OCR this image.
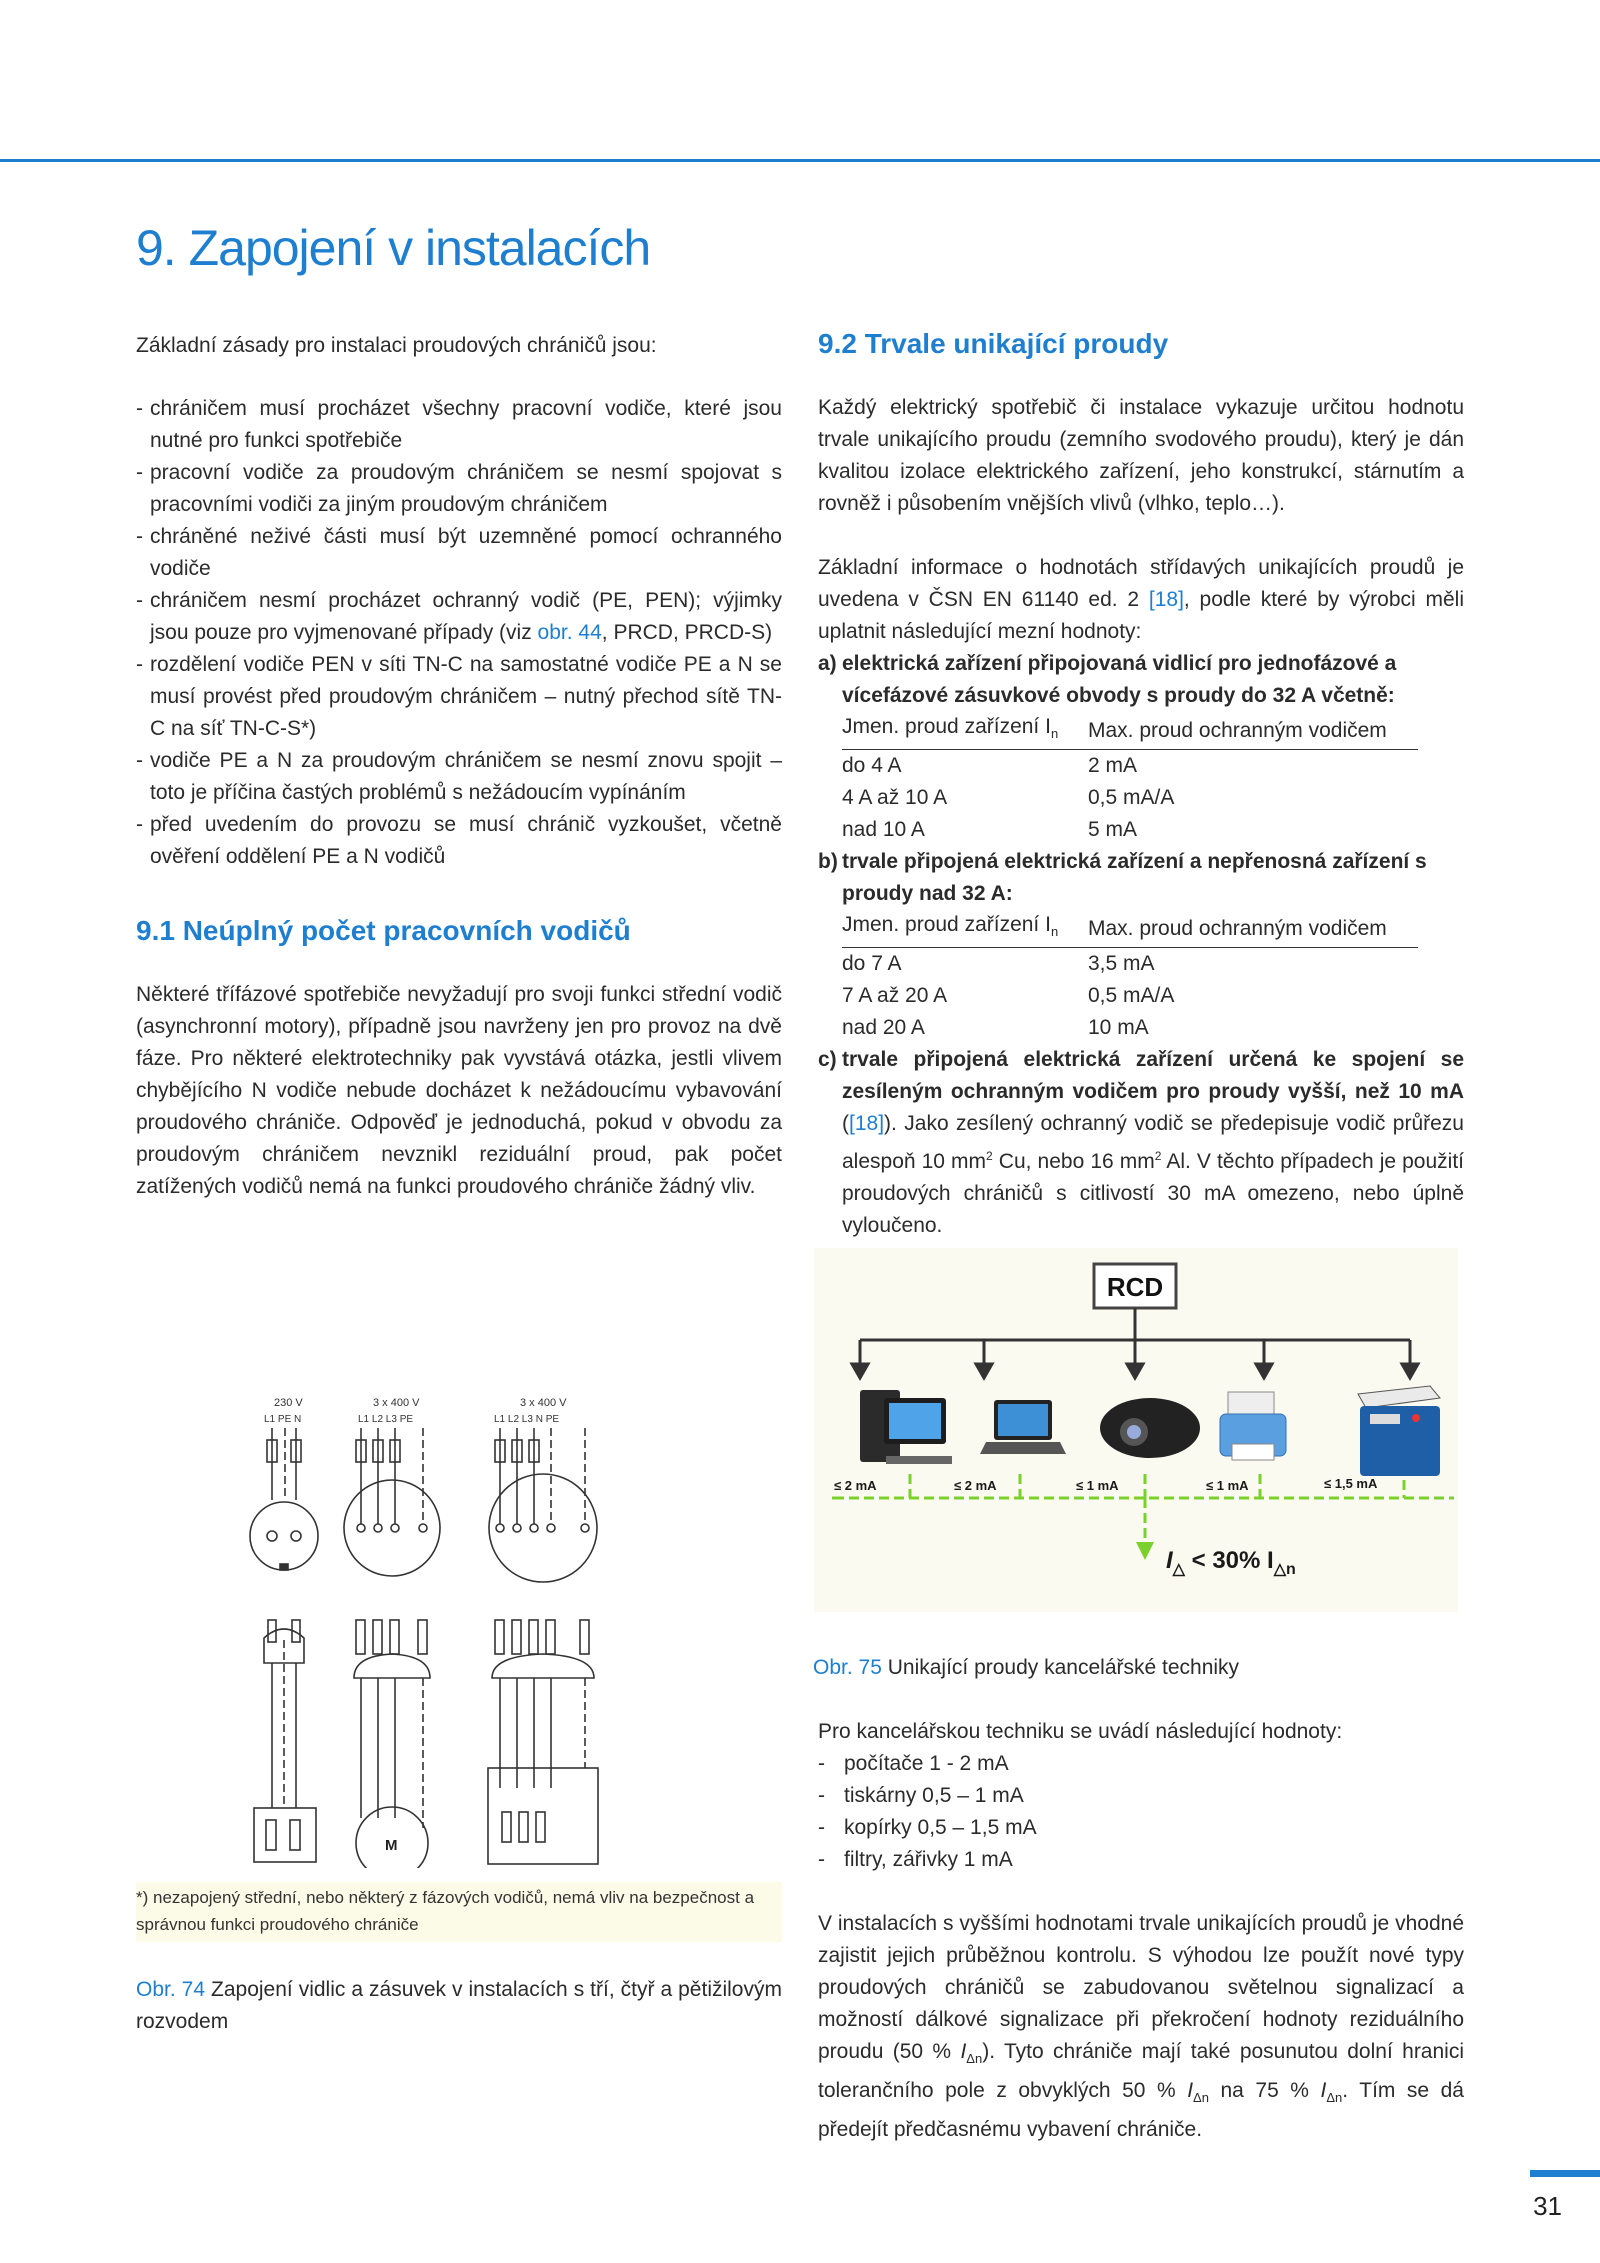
9. Zapojení v instalacích

Základní zásady pro instalaci proudových chráničů jsou:

- chráničem musí procházet všechny pracovní vodiče, které jsou nutné pro funkci spotřebiče
- pracovní vodiče za proudovým chráničem se nesmí spojovat s pracovními vodiči za jiným proudovým chráničem
- chráněné neživé části musí být uzemněné pomocí ochranného vodiče
- chráničem nesmí procházet ochranný vodič (PE, PEN); výjimky jsou pouze pro vyjmenované případy (viz obr. 44, PRCD, PRCD-S)
- rozdělení vodiče PEN v síti TN-C na samostatné vodiče PE a N se musí provést před proudovým chráničem – nutný přechod sítě TN-C na síť TN-C-S*)
- vodiče PE a N za proudovým chráničem se nesmí znovu spojit – toto je příčina častých problémů s nežádoucím vypínáním
- před uvedením do provozu se musí chránič vyzkoušet, včetně ověření oddělení PE a N vodičů
9.1 Neúplný počet pracovních vodičů

Některé třífázové spotřebiče nevyžadují pro svoji funkci střední vodič (asynchronní motory), případně jsou navrženy jen pro provoz na dvě fáze. Pro některé elektrotechniky pak vyvstává otázka, jestli vlivem chybějícího N vodiče nebude docházet k nežádoucímu vybavování proudového chrániče. Odpověď je jednoduchá, pokud v obvodu za proudovým chráničem nevznikl reziduální proud, pak počet zatížených vodičů nemá na funkci proudového chrániče žádný vliv.

230 V	3 x 400 V	3 x 400 V
L1 PE N	L1 L2 L3 PE	L1 L2 L3 N PE
M
*) nezapojený střední, nebo některý z fázových vodičů, nemá vliv na bezpečnost a správnou funkci proudového chrániče

Obr. 74 Zapojení vidlic a zásuvek v instalacích s tří, čtyř a pětižilovým rozvodem

9.2 Trvale unikající proudy

Každý elektrický spotřebič či instalace vykazuje určitou hodnotu trvale unikajícího proudu (zemního svodového proudu), který je dán kvalitou izolace elektrického zařízení, jeho konstrukcí, stárnutím a rovněž i působením vnějších vlivů (vlhko, teplo…).

Základní informace o hodnotách střídavých unikajících proudů je uvedena v ČSN EN 61140 ed. 2 [18], podle které by výrobci měli uplatnit následující mezní hodnoty:

a) elektrická zařízení připojovaná vidlicí pro jednofázové a vícefázové zásuvkové obvody s proudy do 32 A včetně:
Jmen. proud zařízení $I_n$	Max. proud ochranným vodičem
do 4 A	2 mA
4 A až 10 A	0,5 mA/A
nad 10 A	5 mA
b) trvale připojená elektrická zařízení a nepřenosná zařízení s proudy nad 32 A:
Jmen. proud zařízení $I_n$	Max. proud ochranným vodičem
do 7 A	3,5 mA
7 A až 20 A	0,5 mA/A
nad 20 A	10 mA
c) trvale připojená elektrická zařízení určená ke spojení se zesíleným ochranným vodičem pro proudy vyšší, než 10 mA ([18]). Jako zesílený ochranný vodič se předepisuje vodič průřezu alespoň 10 $mm^2$ Cu, nebo 16 $mm^2$ Al. V těchto případech je použití proudových chráničů s citlivostí 30 mA omezeno, nebo úplně vyloučeno.
RCD
≤ 2 mA	≤ 2 mA	≤ 1 mA	≤ 1 mA	≤ 1,5 mA
$I_\triangle < 30\%$ $I_{\triangle n}$

Obr. 75 Unikající proudy kancelářské techniky

Pro kancelářskou techniku se uvádí následující hodnoty:

- počítače 1 - 2 mA
- tiskárny 0,5 – 1 mA
- kopírky 0,5 – 1,5 mA
- filtry, zářivky 1 mA

V instalacích s vyššími hodnotami trvale unikajících proudů je vhodné zajistit jejich průběžnou kontrolu. S výhodou lze použít nové typy proudových chráničů se zabudovanou světelnou signalizací a možností dálkové signalizace při překročení hodnoty reziduálního proudu (50 % $I_{\Delta n}$). Tyto chrániče mají také posunutou dolní hranici tolerančního pole z obvyklých 50 % $I_{\Delta n}$ na 75 % $I_{\Delta n}$. Tím se dá předejít předčasnému vybavení chrániče.

31
